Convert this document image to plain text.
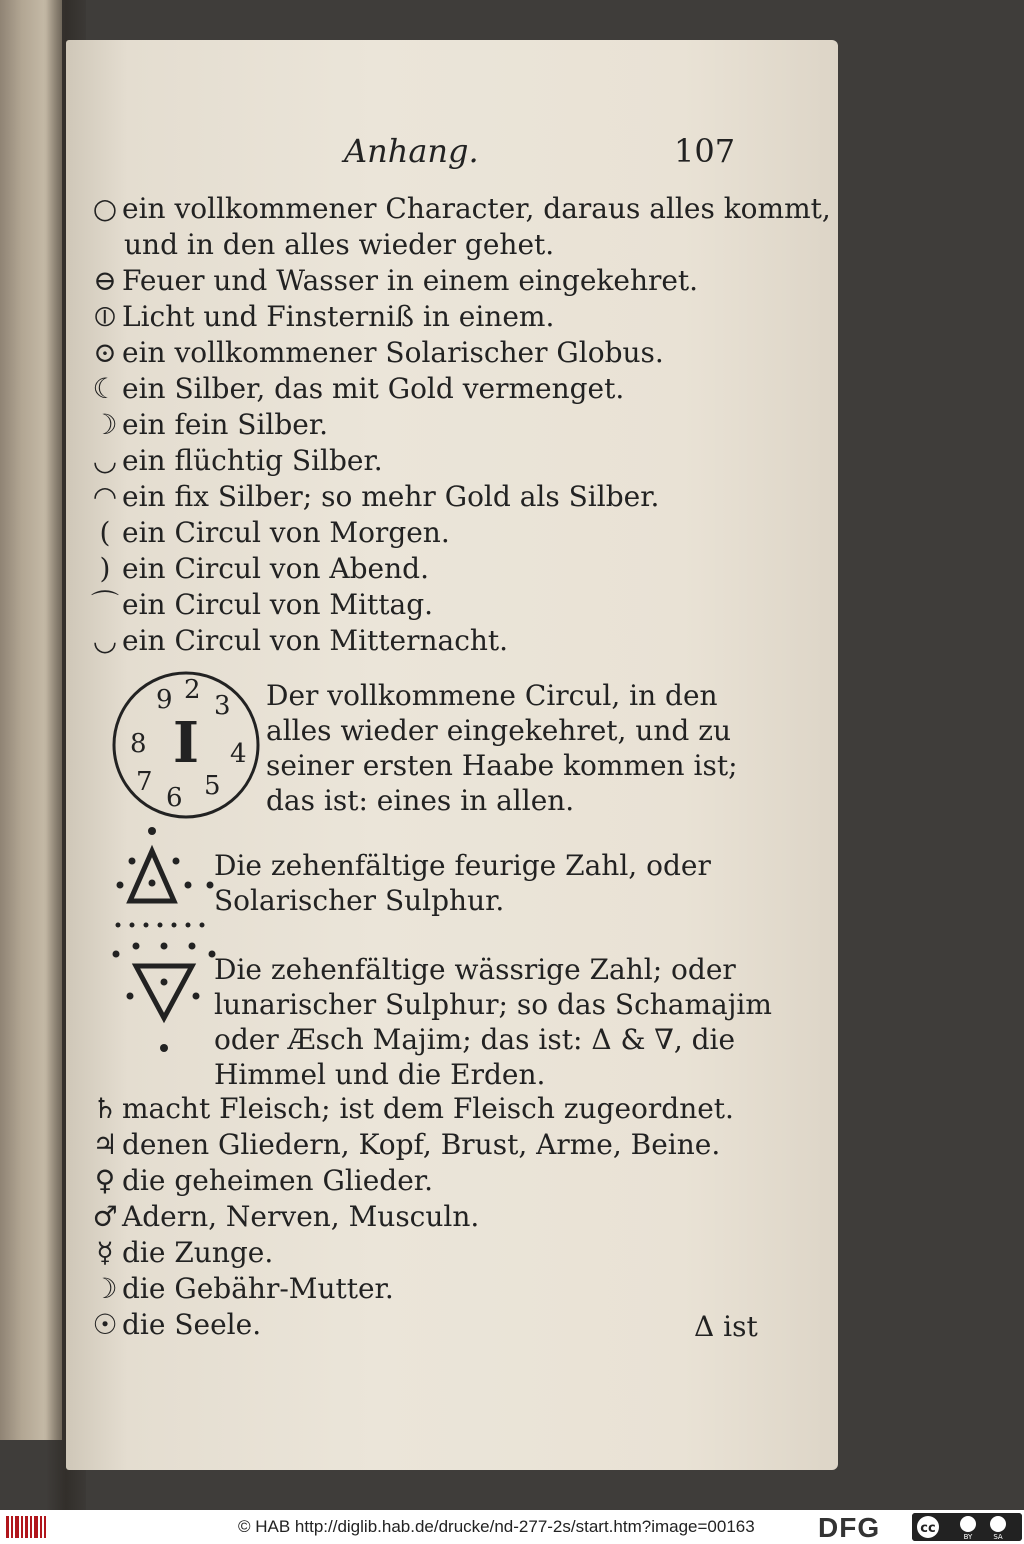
Anhang.	107
○ ein vollkommener Character, daraus alles kommt,
und in den alles wieder gehet.
⊖ Feuer und Wasser in einem eingekehret.
⦶ Licht und Finsterniß in einem.
⊙ ein vollkommener Solarischer Globus.
☾ ein Silber, das mit Gold vermenget.
☽ ein fein Silber.
◡ ein flüchtig Silber.
◠ ein fix Silber; so mehr Gold als Silber.
( ein Circul von Morgen.
) ein Circul von Abend.
⌒ ein Circul von Mittag.
◡ ein Circul von Mitternacht.
I
9 2
3
8	4
7
6 5
Der vollkommene Circul, in den alles wieder eingekehret, und zu seiner ersten Haabe kommen ist; das ist: eines in allen.
Die zehenfältige feurige Zahl, oder Solarischer Sulphur.
Die zehenfältige wässrige Zahl; oder lunarischer Sulphur; so das Schamajim oder Æsch Majim; das ist: Δ & ∇, die Himmel und die Erden.
♄ macht Fleisch; ist dem Fleisch zugeordnet.
♃ denen Gliedern, Kopf, Brust, Arme, Beine.
♀ die geheimen Glieder.
♂ Adern, Nerven, Musculn.
☿ die Zunge.
☽ die Gebähr-Mutter.
☉ die Seele.	Δ ist
© HAB http://diglib.hab.de/drucke/nd-277-2s/start.htm?image=00163 DFG	cc
BY	SA
